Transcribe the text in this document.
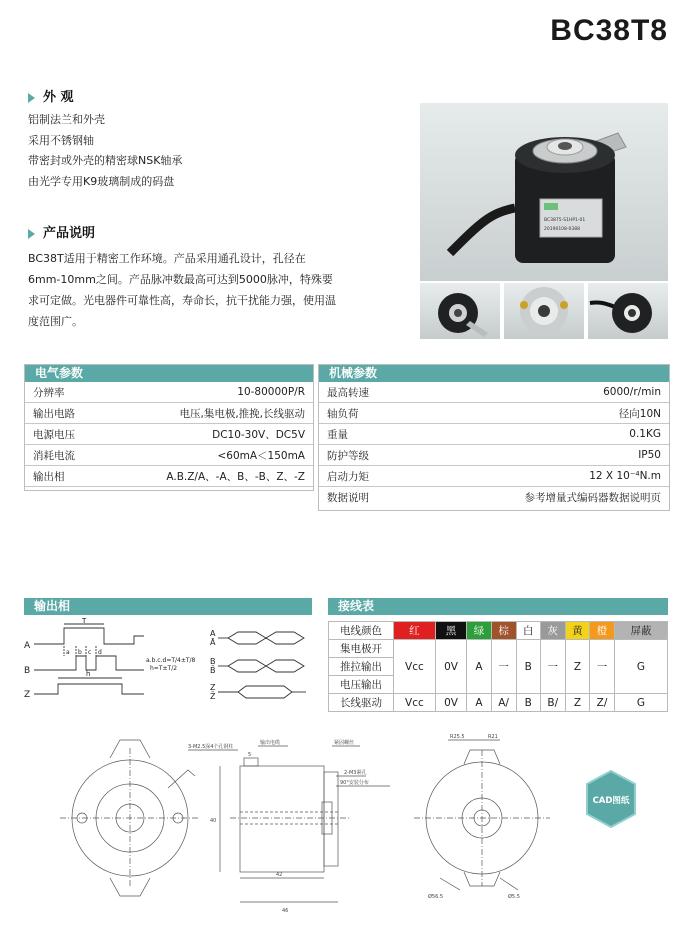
BC38T8
外 观
铝制法兰和外壳
采用不锈钢轴
带密封或外壳的精密球NSK轴承
由光学专用K9玻璃制成的码盘
产品说明
BC38T适用于精密工作环境。产品采用通孔设计，孔径在6mm-10mm之间。产品脉冲数最高可达到5000脉冲，特殊要求可定做。光电器件可靠性高，寿命长，抗干扰能力强，使用温度范围广。
BC3875-S1HP1-01
20190108-0388
电气参数
分辨率	10-80000P/R
输出电路	电压,集电极,推挽,长线驱动
电源电压	DC10-30V、DC5V
消耗电流	<60mA＜150mA
输出相	A.B.Z/A、-A、B、-B、Z、-Z
机械参数
最高转速	6000/r/min
轴负荷	径向10N
重量	0.1KG
防护等级	IP50
启动力矩	12 X 10⁻⁴N.m
数据说明	参考增量式编码器数据说明页
输出相
A
B
Z
T
a b c d
h
a.b.c.d=T/4±T/8
h=T±T/2
A
Ā
B
B̄
Z
Z̄
接线表
电线颜色	红	黑	绿	棕	白	灰	黄	橙	屏蔽
集电极开	Vcc	0V	A	一	B	一	Z	一	G
推拉输出									
电压输出									
长线驱动	Vcc	0V	A	A/	B	B/	Z	Z/	G
3-M2.5深4个孔钢柱
输出电缆	紧固螺丝
2-M3紧孔
90°安装分布
R25.5	R21
Ø56.5	Ø5.5
40
42
5
46
CAD图纸
